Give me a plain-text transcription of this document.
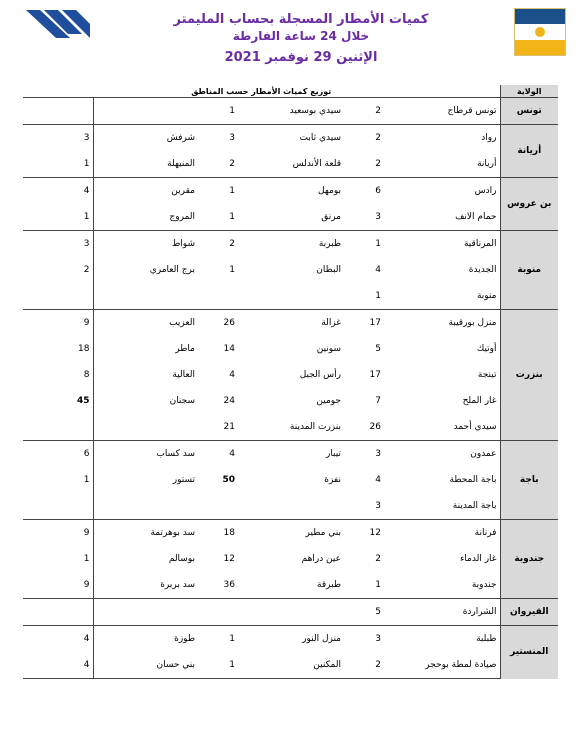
كميات الأمطار المسجلة بحساب المليمتر
خلال 24 ساعة الفارطة
الإثنين 29 نوفمبر 2021
الولاية	توزيع كميات الأمطار حسب المناطق					
تونس	تونس قرطاج	2	سيدي بوسعيد	1		
أريانة	رواد	2	سيدي ثابت	3	شرفش	3
	أريانة	2	قلعة الأندلس	2	المنيهلة	1
بن عروس	رادس	6	بومهل	1	مقرين	4
	حمام الانف	3	مرنق	1	المروج	1
منوبة	المرناقية	1	طبربة	2	شواط	3
	الجديدة	4	البطان	1	برج العامري	2
	منوبة	1				
بنزرت	منزل بورقيبة	17	غزالة	26	العزيب	9
	أوتيك	5	سونين	14	ماطر	18
	تينجة	17	رأس الجبل	4	العالية	8
	غار الملح	7	جومين	24	سجنان	45
	سيدي أحمد	26	بنزرت المدينة	21		
باجة	عمدون	3	تيبار	4	سد كساب	6
	باجة المحطة	4	نفزة	50	تستور	1
	باجة المدينة	3				
جندوبة	فرنانة	12	بني مطير	18	سد بوهرتمة	9
	غار الدماء	2	عين دراهم	12	بوسالم	1
	جندوبة	1	طبرقة	36	سد بربرة	9
القيروان	الشراردة	5				
المنستير	طبلبة	3	منزل النور	1	طوزة	4
	صيادة لمطة بوحجر	2	المكنين	1	بني حسان	4
